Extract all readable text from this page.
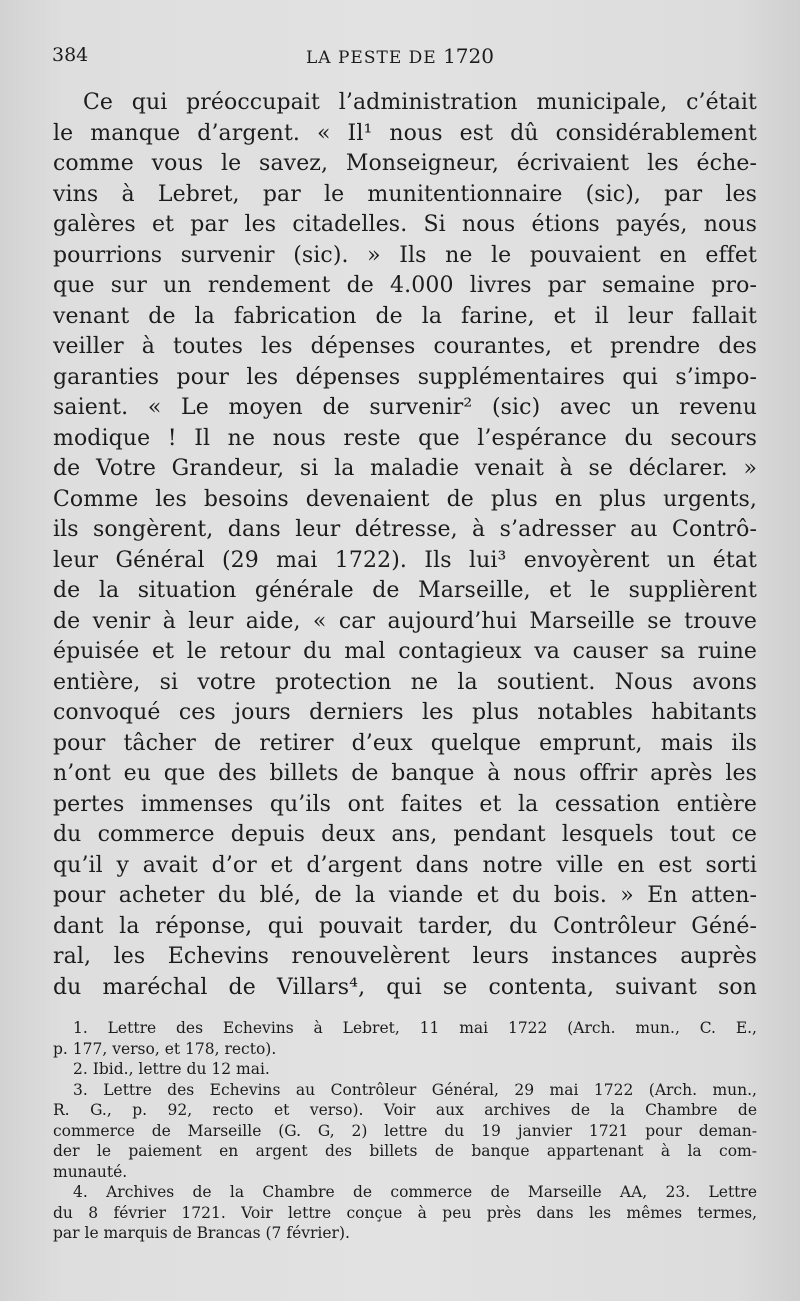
384	LA PESTE DE 1720
Ce qui préoccupait l’administration municipale, c’était
le manque d’argent. « Il¹ nous est dû considérablement
comme vous le savez, Monseigneur, écrivaient les éche-
vins à Lebret, par le munitentionnaire (sic), par les
galères et par les citadelles. Si nous étions payés, nous
pourrions survenir (sic). » Ils ne le pouvaient en effet
que sur un rendement de 4.000 livres par semaine pro-
venant de la fabrication de la farine, et il leur fallait
veiller à toutes les dépenses courantes, et prendre des
garanties pour les dépenses supplémentaires qui s’impo-
saient. « Le moyen de survenir² (sic) avec un revenu
modique ! Il ne nous reste que l’espérance du secours
de Votre Grandeur, si la maladie venait à se déclarer. »
Comme les besoins devenaient de plus en plus urgents,
ils songèrent, dans leur détresse, à s’adresser au Contrô-
leur Général (29 mai 1722). Ils lui³ envoyèrent un état
de la situation générale de Marseille, et le supplièrent
de venir à leur aide, « car aujourd’hui Marseille se trouve
épuisée et le retour du mal contagieux va causer sa ruine
entière, si votre protection ne la soutient. Nous avons
convoqué ces jours derniers les plus notables habitants
pour tâcher de retirer d’eux quelque emprunt, mais ils
n’ont eu que des billets de banque à nous offrir après les
pertes immenses qu’ils ont faites et la cessation entière
du commerce depuis deux ans, pendant lesquels tout ce
qu’il y avait d’or et d’argent dans notre ville en est sorti
pour acheter du blé, de la viande et du bois. » En atten-
dant la réponse, qui pouvait tarder, du Contrôleur Géné-
ral, les Echevins renouvelèrent leurs instances auprès
du maréchal de Villars⁴, qui se contenta, suivant son
1. Lettre des Echevins à Lebret, 11 mai 1722 (Arch. mun., C. E.,
p. 177, verso, et 178, recto).
2. Ibid., lettre du 12 mai.
3. Lettre des Echevins au Contrôleur Général, 29 mai 1722 (Arch. mun.,
R. G., p. 92, recto et verso). Voir aux archives de la Chambre de
commerce de Marseille (G. G, 2) lettre du 19 janvier 1721 pour deman-
der le paiement en argent des billets de banque appartenant à la com-
munauté.
4. Archives de la Chambre de commerce de Marseille AA, 23. Lettre
du 8 février 1721. Voir lettre conçue à peu près dans les mêmes termes,
par le marquis de Brancas (7 février).
